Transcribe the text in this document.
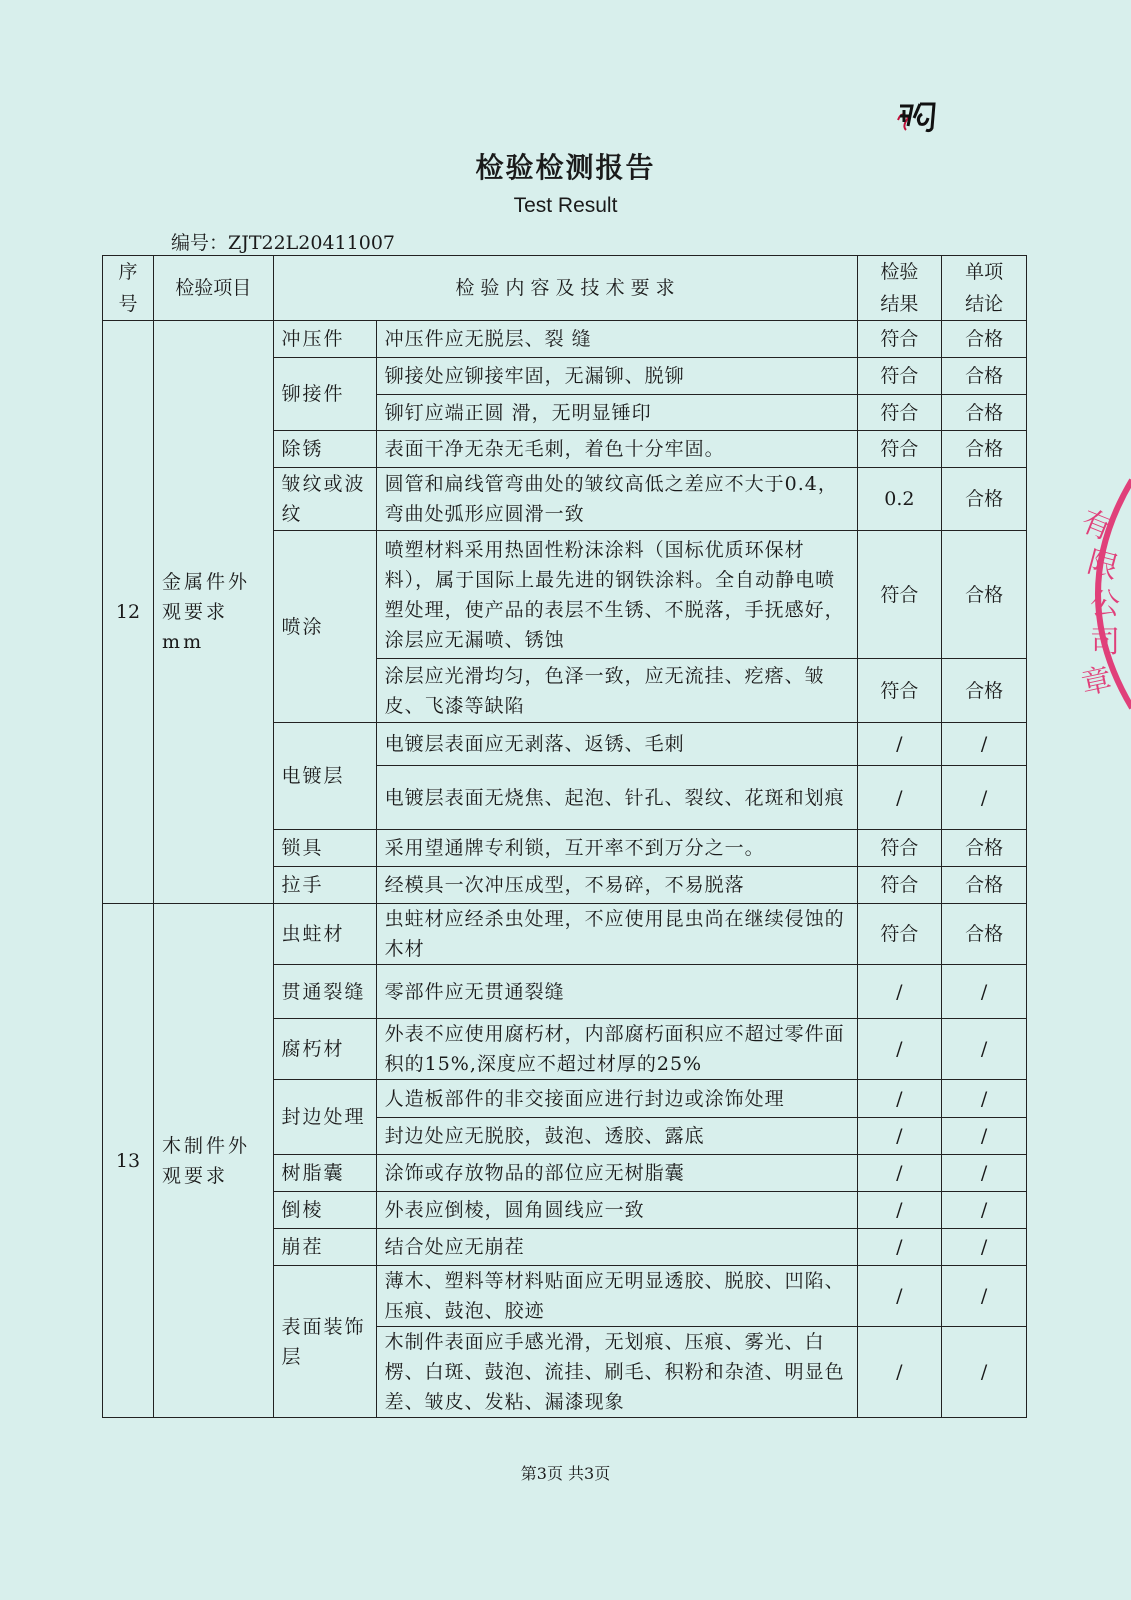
检验检测报告
Test Result
编号：ZJT22L20411007
有
限
公
司
章
序号	检验项目	检 验 内 容 及 技 术 要 求		检验结果	单项结论
12	金属件外观要求mm	冲压件	冲压件应无脱层、裂 缝	符合	合格
		铆接件	铆接处应铆接牢固，无漏铆、脱铆	符合	合格
			铆钉应端正圆 滑，无明显锤印	符合	合格
		除锈	表面干净无杂无毛刺，着色十分牢固。	符合	合格
		皱纹或波纹	圆管和扁线管弯曲处的皱纹高低之差应不大于0.4，弯曲处弧形应圆滑一致	0.2	合格
		喷涂	喷塑材料采用热固性粉沫涂料（国标优质环保材料），属于国际上最先进的钢铁涂料。全自动静电喷塑处理，使产品的表层不生锈、不脱落，手抚感好，涂层应无漏喷、锈蚀	符合	合格
			涂层应光滑均匀，色泽一致，应无流挂、疙瘩、皱皮、飞漆等缺陷	符合	合格
		电镀层	电镀层表面应无剥落、返锈、毛刺	/	/
			电镀层表面无烧焦、起泡、针孔、裂纹、花斑和划痕	/	/
		锁具	采用望通牌专利锁，互开率不到万分之一。	符合	合格
		拉手	经模具一次冲压成型，不易碎，不易脱落	符合	合格
13	木制件外观要求	虫蛀材	虫蛀材应经杀虫处理，不应使用昆虫尚在继续侵蚀的木材	符合	合格
		贯通裂缝	零部件应无贯通裂缝	/	/
		腐朽材	外表不应使用腐朽材，内部腐朽面积应不超过零件面积的15%,深度应不超过材厚的25%	/	/
		封边处理	人造板部件的非交接面应进行封边或涂饰处理	/	/
			封边处应无脱胶，鼓泡、透胶、露底	/	/
		树脂囊	涂饰或存放物品的部位应无树脂囊	/	/
		倒棱	外表应倒棱，圆角圆线应一致	/	/
		崩茬	结合处应无崩茬	/	/
		表面装饰层	薄木、塑料等材料贴面应无明显透胶、脱胶、凹陷、压痕、鼓泡、胶迹	/	/
			木制件表面应手感光滑，无划痕、压痕、雾光、白楞、白斑、鼓泡、流挂、刷毛、积粉和杂渣、明显色差、皱皮、发粘、漏漆现象	/	/
第3页 共3页
